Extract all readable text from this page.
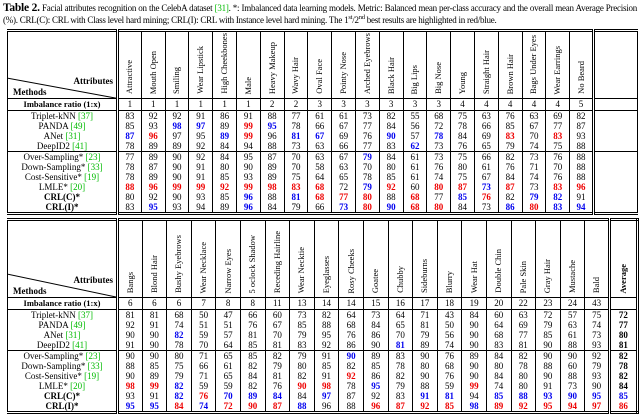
Table 2. Facial attributes recognition on the CelebA dataset [31]. *: Imbalanced data learning models. Metric: Balanced mean per-class accuracy and the overall mean Average Precision (%). CRL(C): CRL with Class level hard mining; CRL(I): CRL with Instance level hard mining. The 1st/2nd best results are highlighted in red/blue.

Attributes
Methods	Attractive	Mouth Open	Smiling	Wear Lipstick	High Cheekbones	Male	Heavy Makeup	Wavy Hair	Oval Face	Pointy Nose	Arched Eyebrows	Black Hair	Big Lips	Big Nose	Young	Straight Hair	Brown Hair	Bags Under Eyes	Wear Earrings	No Beard	
Imbalance ratio (1:x)	1	1	1	1	1	1	2	2	3	3	3	3	3	3	4	4	4	4	4	5	
Triplet-kNN [37]	83	92	92	91	86	91	88	77	61	61	73	82	55	68	75	63	76	63	69	82	
PANDA [49]	85	93	98	97	89	99	95	78	66	67	77	84	56	72	78	66	85	67	77	87	
ANet [31]	87	96	97	95	89	99	96	81	67	69	76	90	57	78	84	69	83	70	83	93	
DeepID2 [41]	78	89	89	92	84	94	88	73	63	66	77	83	62	73	76	65	79	74	75	88	
Over-Sampling* [23]	77	89	90	92	84	95	87	70	63	67	79	84	61	73	75	66	82	73	76	88	
Down-Sampling* [33]	78	87	90	91	80	90	89	70	58	63	70	80	61	76	80	61	76	71	70	88	
Cost-Sensitive* [19]	78	89	90	91	85	93	89	75	64	65	78	85	61	74	75	67	84	74	76	88	
LMLE* [20]	88	96	99	99	92	99	98	83	68	72	79	92	60	80	87	73	87	73	83	96	
CRL(C)*	80	92	90	93	85	96	88	81	68	77	80	88	68	77	85	76	82	79	82	91	
CRL(I)*	83	95	93	94	89	96	84	79	66	73	80	90	68	80	84	73	86	80	83	94	
Attributes
Methods	Bangs	Blond Hair	Bushy Eyebrows	Wear Necklace	Narrow Eyes	5 oclock Shadow	Receding Hairline	Wear Necktie	Eyeglasses	Rosy Cheeks	Goatee	Chubby	Sideburns	Blurry	Wear Hat	Double Chin	Pale Skin	Gray Hair	Mustache	Bald	Average
Imbalance ratio (1:x)	6	6	6	7	8	8	11	13	14	14	15	16	17	18	19	20	22	23	24	43	
Triplet-kNN [37]	81	81	68	50	47	66	60	73	82	64	73	64	71	43	84	60	63	72	57	75	72
PANDA [49]	92	91	74	51	51	76	67	85	88	68	84	65	81	50	90	64	69	79	63	74	77
ANet [31]	90	90	82	59	57	81	70	79	95	76	86	70	79	56	90	68	77	85	61	73	80
DeepID2 [41]	91	90	78	70	64	85	81	83	92	86	90	81	89	74	90	83	81	90	88	93	81
Over-Sampling* [23]	90	90	80	71	65	85	82	79	91	90	89	83	90	76	89	84	82	90	90	92	82
Down-Sampling* [33]	88	85	75	66	61	82	79	80	85	82	85	78	80	68	90	80	78	88	60	79	78
Cost-Sensitive* [19]	90	89	79	71	65	84	81	82	91	92	86	82	90	76	90	84	80	90	88	93	82
LMLE* [20]	98	99	82	59	59	82	76	90	98	78	95	79	88	59	99	74	80	91	73	90	84
CRL(C)*	93	91	82	76	70	89	84	84	97	87	92	83	91	81	94	85	88	93	90	95	85
CRL(I)*	95	95	84	74	72	90	87	88	96	88	96	87	92	85	98	89	92	95	94	97	86
